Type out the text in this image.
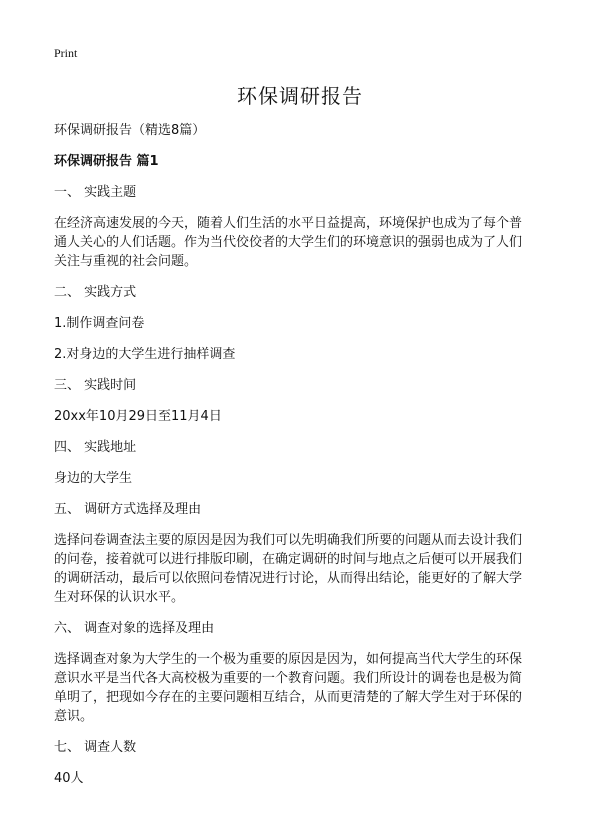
Print
环保调研报告

环保调研报告（精选8篇）

环保调研报告 篇1

一、 实践主题

在经济高速发展的今天，随着人们生活的水平日益提高，环境保护也成为了每个普
通人关心的人们话题。作为当代佼佼者的大学生们的环境意识的强弱也成为了人们
关注与重视的社会问题。

二、 实践方式

1.制作调查问卷

2.对身边的大学生进行抽样调查

三、 实践时间

20xx年10月29日至11月4日

四、 实践地址

身边的大学生

五、 调研方式选择及理由

选择问卷调查法主要的原因是因为我们可以先明确我们所要的问题从而去设计我们
的问卷，接着就可以进行排版印刷，在确定调研的时间与地点之后便可以开展我们
的调研活动，最后可以依照问卷情况进行讨论，从而得出结论，能更好的了解大学
生对环保的认识水平。

六、 调查对象的选择及理由

选择调查对象为大学生的一个极为重要的原因是因为，如何提高当代大学生的环保
意识水平是当代各大高校极为重要的一个教育问题。我们所设计的调卷也是极为简
单明了，把现如今存在的主要问题相互结合，从而更清楚的了解大学生对于环保的
意识。

七、 调查人数

40人
